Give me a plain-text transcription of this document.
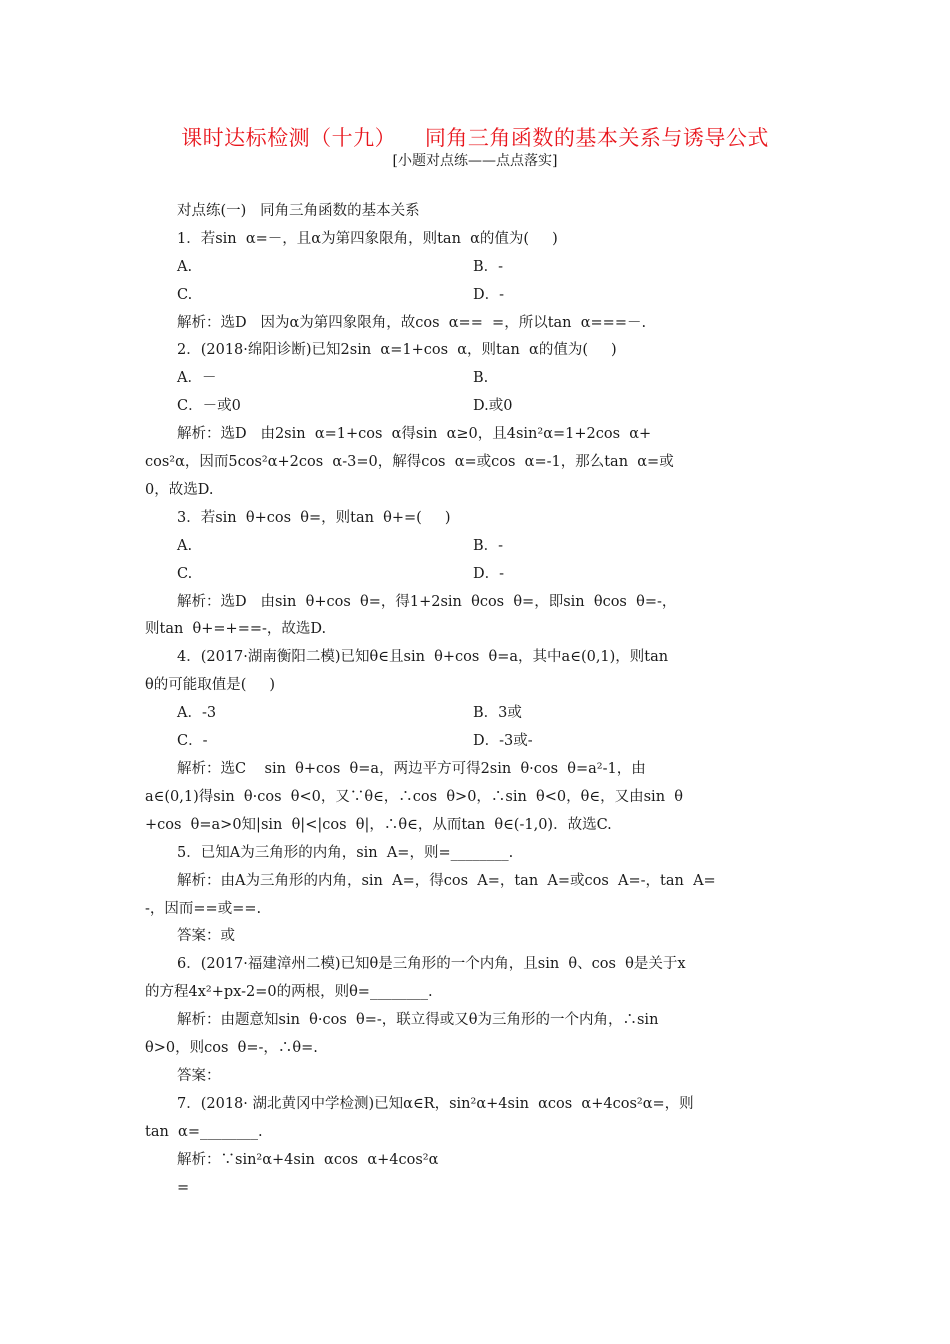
课时达标检测（十九）    同角三角函数的基本关系与诱导公式
[小题对点练——点点落实]
对点练(一)   同角三角函数的基本关系
1．若sin  α=－，且α为第四象限角，则tan  α的值为(     )
A.	B．-
C.	D．-
解析：选D   因为α为第四象限角，故cos  α==  =，所以tan  α===－.
2．(2018·绵阳诊断)已知2sin  α=1+cos  α，则tan  α的值为(     )
A．－	B.
C．－或0	D.或0
解析：选D   由2sin  α=1+cos  α得sin  α≥0，且4sin²α=1+2cos  α+
cos²α，因而5cos²α+2cos  α-3=0，解得cos  α=或cos  α=-1，那么tan  α=或
0，故选D.
3．若sin  θ+cos  θ=，则tan  θ+=(     )
A.	B．-
C.	D．-
解析：选D   由sin  θ+cos  θ=，得1+2sin  θcos  θ=，即sin  θcos  θ=-，
则tan  θ+=+==-，故选D.
4．(2017·湖南衡阳二模)已知θ∈且sin  θ+cos  θ=a，其中a∈(0,1)，则tan
θ的可能取值是(     )
A．-3	B．3或
C．-	D．-3或-
解析：选C    sin  θ+cos  θ=a，两边平方可得2sin  θ·cos  θ=a²-1，由
a∈(0,1)得sin  θ·cos  θ<0，又∵θ∈，∴cos  θ>0，∴sin  θ<0，θ∈，又由sin  θ
+cos  θ=a>0知|sin  θ|<|cos  θ|，∴θ∈，从而tan  θ∈(-1,0)．故选C.
5．已知A为三角形的内角，sin  A=，则=________.
解析：由A为三角形的内角，sin  A=，得cos  A=，tan  A=或cos  A=-，tan  A=
-，因而==或==.
答案：或
6．(2017·福建漳州二模)已知θ是三角形的一个内角，且sin  θ、cos  θ是关于x
的方程4x²+px-2=0的两根，则θ=________.
解析：由题意知sin  θ·cos  θ=-，联立得或又θ为三角形的一个内角，∴sin
θ>0，则cos  θ=-，∴θ=.
答案：
7．(2018· 湖北黄冈中学检测)已知α∈R，sin²α+4sin  αcos  α+4cos²α=，则
tan  α=________.
解析：∵sin²α+4sin  αcos  α+4cos²α
=
